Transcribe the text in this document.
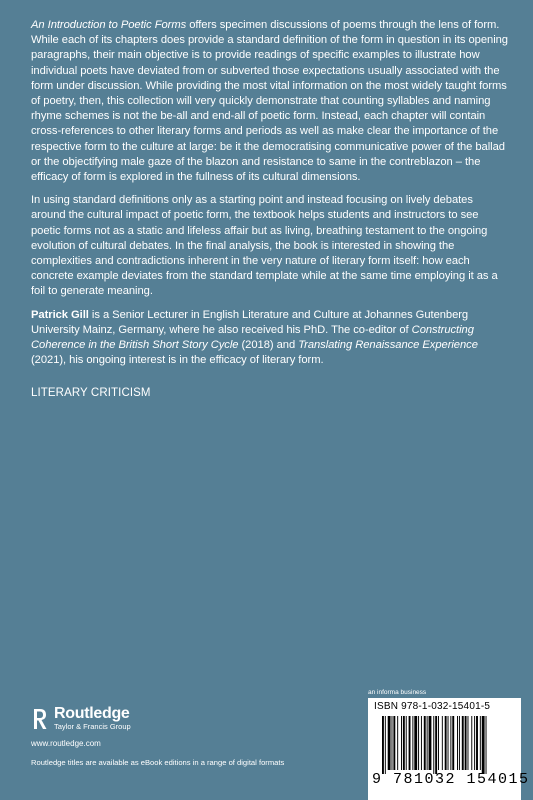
An Introduction to Poetic Forms offers specimen discussions of poems through the lens of form. While each of its chapters does provide a standard definition of the form in question in its opening paragraphs, their main objective is to provide readings of specific examples to illustrate how individual poets have deviated from or subverted those expectations usually associated with the form under discussion. While providing the most vital information on the most widely taught forms of poetry, then, this collection will very quickly demonstrate that counting syllables and naming rhyme schemes is not the be-all and end-all of poetic form. Instead, each chapter will contain cross-references to other literary forms and periods as well as make clear the importance of the respective form to the culture at large: be it the democratising communicative power of the ballad or the objectifying male gaze of the blazon and resistance to same in the contreblazon – the efficacy of form is explored in the fullness of its cultural dimensions.

In using standard definitions only as a starting point and instead focusing on lively debates around the cultural impact of poetic form, the textbook helps students and instructors to see poetic forms not as a static and lifeless affair but as living, breathing testament to the ongoing evolution of cultural debates. In the final analysis, the book is interested in showing the complexities and contradictions inherent in the very nature of literary form itself: how each concrete example deviates from the standard template while at the same time employing it as a foil to generate meaning.

Patrick Gill is a Senior Lecturer in English Literature and Culture at Johannes Gutenberg University Mainz, Germany, where he also received his PhD. The co-editor of Constructing Coherence in the British Short Story Cycle (2018) and Translating Renaissance Experience (2021), his ongoing interest is in the efficacy of literary form.

LITERARY CRITICISM
Routledge
Taylor & Francis Group
www.routledge.com
Routledge titles are available as eBook editions in a range of digital formats
an informa business
ISBN 978-1-032-15401-5
9 781032 154015
